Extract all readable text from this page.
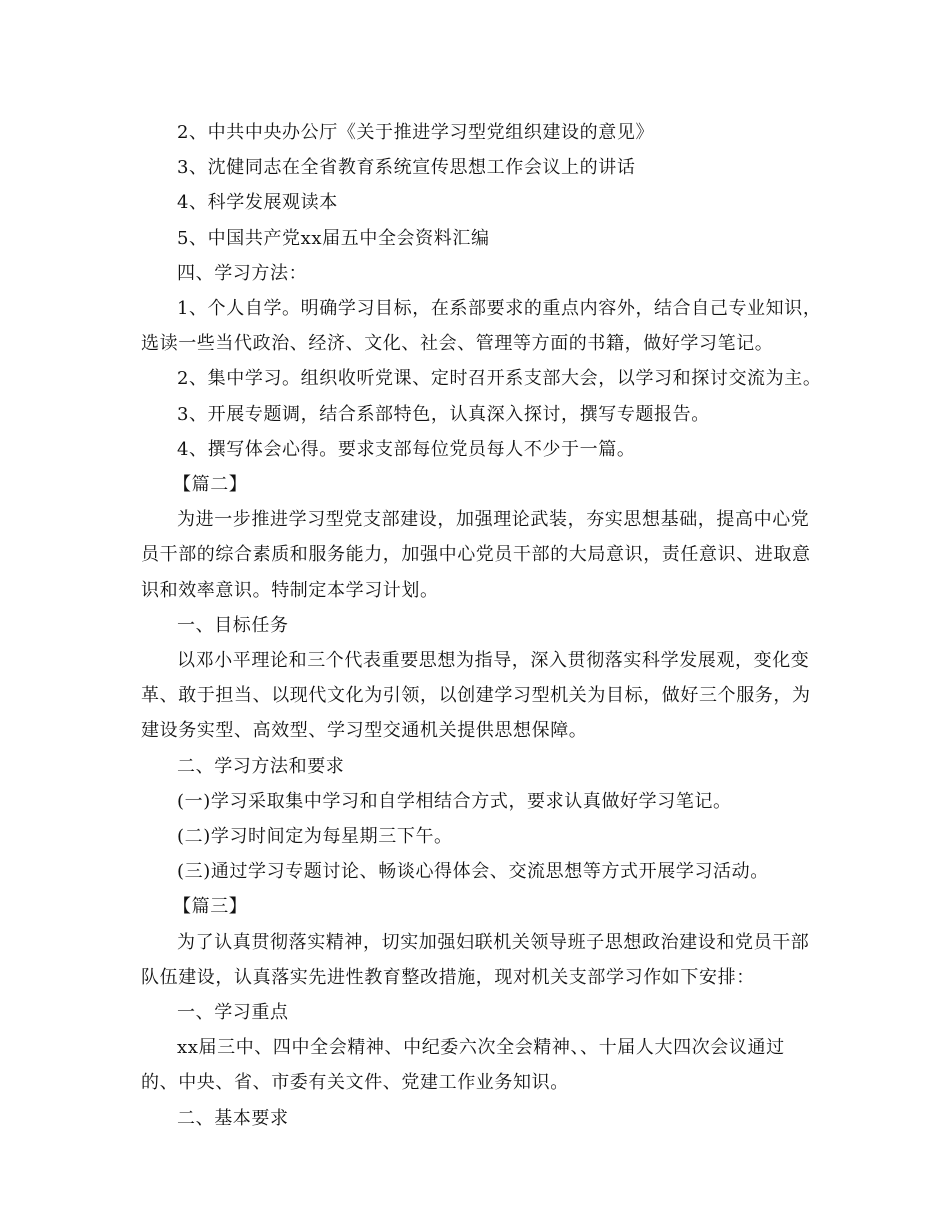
2、中共中央办公厅《关于推进学习型党组织建设的意见》
3、沈健同志在全省教育系统宣传思想工作会议上的讲话
4、科学发展观读本
5、中国共产党xx届五中全会资料汇编
四、学习方法：
1、个人自学。明确学习目标，在系部要求的重点内容外，结合自己专业知识，
选读一些当代政治、经济、文化、社会、管理等方面的书籍，做好学习笔记。
2、集中学习。组织收听党课、定时召开系支部大会，以学习和探讨交流为主。
3、开展专题调，结合系部特色，认真深入探讨，撰写专题报告。
4、撰写体会心得。要求支部每位党员每人不少于一篇。
【篇二】
为进一步推进学习型党支部建设，加强理论武装，夯实思想基础，提高中心党
员干部的综合素质和服务能力，加强中心党员干部的大局意识，责任意识、进取意
识和效率意识。特制定本学习计划。
一、目标任务
以邓小平理论和三个代表重要思想为指导，深入贯彻落实科学发展观，变化变
革、敢于担当、以现代文化为引领，以创建学习型机关为目标，做好三个服务，为
建设务实型、高效型、学习型交通机关提供思想保障。
二、学习方法和要求
(一)学习采取集中学习和自学相结合方式，要求认真做好学习笔记。
(二)学习时间定为每星期三下午。
(三)通过学习专题讨论、畅谈心得体会、交流思想等方式开展学习活动。
【篇三】
为了认真贯彻落实精神，切实加强妇联机关领导班子思想政治建设和党员干部
队伍建设，认真落实先进性教育整改措施，现对机关支部学习作如下安排：
一、学习重点
xx届三中、四中全会精神、中纪委六次全会精神、、十届人大四次会议通过
的、中央、省、市委有关文件、党建工作业务知识。
二、基本要求
